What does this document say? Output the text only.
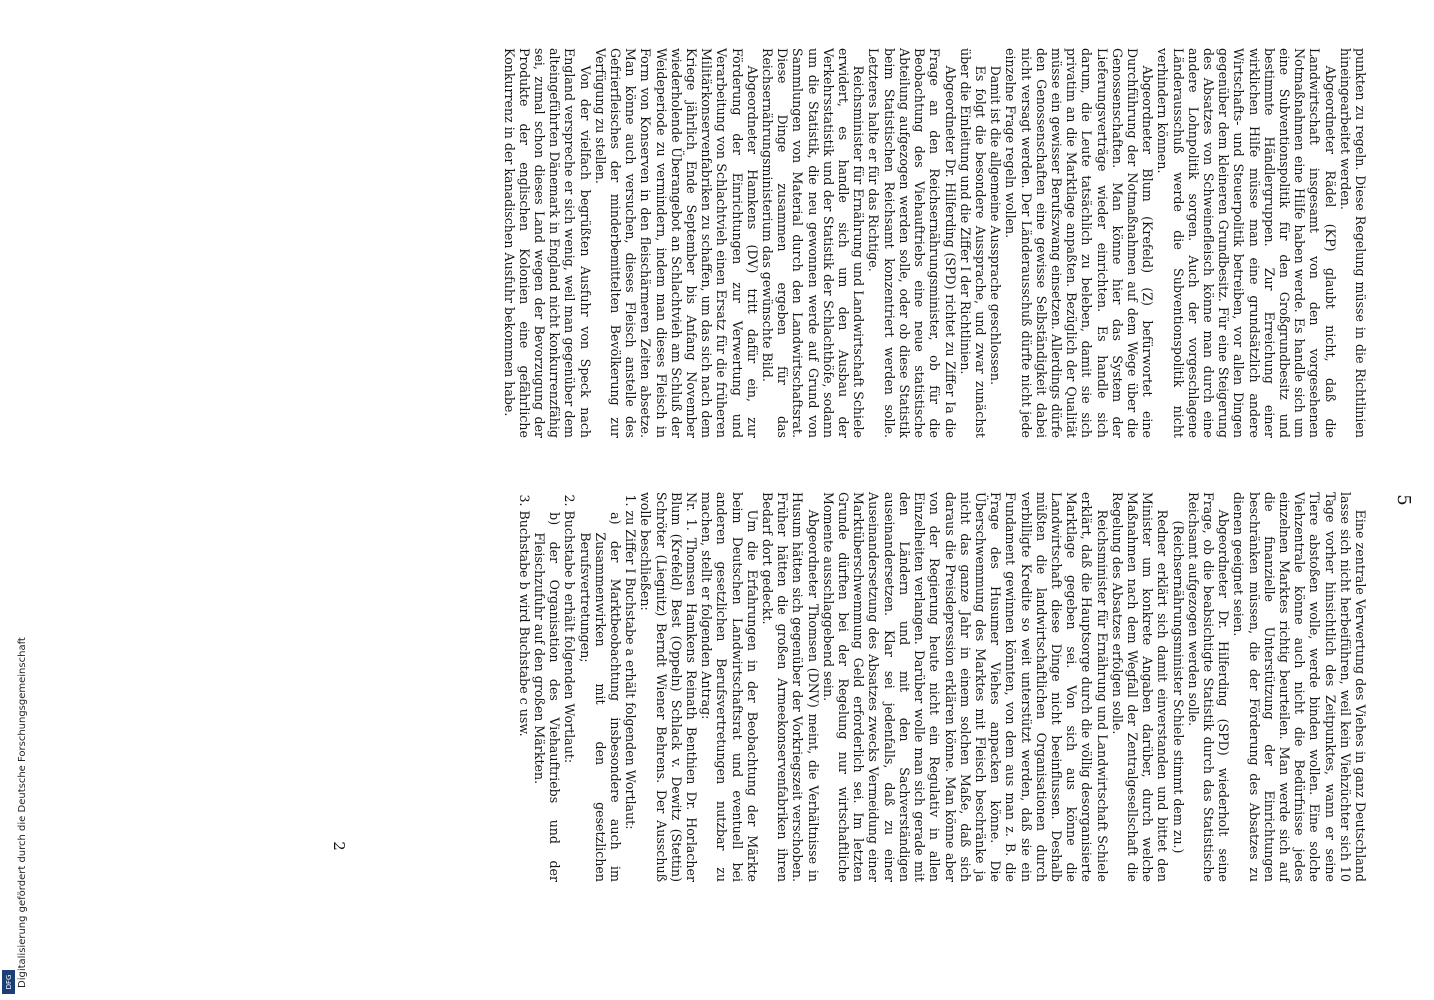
5

punkten zu regeln. Diese Regelung müsse in die Richtlinien hineingearbeitet werden.

Abgeordneter Rädel (KP) glaubt nicht, daß die Landwirtschaft insgesamt von den vorgesehenen Notmaßnahmen eine Hilfe haben werde. Es handle sich um eine Subventionspolitik für den Großgrundbesitz und bestimmte Händlergruppen. Zur Erreichung einer wirklichen Hilfe müsse man eine grundsätzlich andere Wirtschafts- und Steuerpolitik betreiben, vor allen Dingen gegenüber dem kleineren Grundbesitz. Für eine Steigerung des Absatzes von Schweinefleisch könne man durch eine andere Lohnpolitik sorgen. Auch der vorgeschlagene Länderausschuß werde die Subventionspolitik nicht verhindern können.

Abgeordneter Blum (Krefeld) (Z) befürwortet eine Durchführung der Notmaßnahmen auf dem Wege über die Genossenschaften. Man könne hier das System der Lieferungsverträge wieder einrichten. Es handle sich darum, die Leute tatsächlich zu beleben, damit sie sich privatim an die Marktlage anpaßten. Bezüglich der Qualität müsse ein gewisser Berufszwang einsetzen. Allerdings dürfe den Genossenschaften eine gewisse Selbständigkeit dabei nicht versagt werden. Der Länderausschuß dürfte nicht jede einzelne Frage regeln wollen.

Damit ist die allgemeine Aussprache geschlossen.

Es folgt die besondere Aussprache, und zwar zunächst über die Einleitung und die Ziffer I der Richtlinien.

Abgeordneter Dr. Hilferding (SPD) richtet zu Ziffer Ia die Frage an den Reichsernährungsminister, ob für die Beobachtung des Viehauftriebs eine neue statistische Abteilung aufgezogen werden solle, oder ob diese Statistik beim Statistischen Reichsamt konzentriert werden solle. Letzteres halte er für das Richtige.

Reichsminister für Ernährung und Landwirtschaft Schiele erwidert, es handle sich um den Ausbau der Verkehrsstatistik und der Statistik der Schlachthöfe, sodann um die Statistik, die neu gewonnen werde auf Grund von Sammlungen von Material durch den Landwirtschaftsrat. Diese Dinge zusammen ergeben für das Reichsernährungsministerium das gewünschte Bild.

Abgeordneter Hamkens (DV) tritt dafür ein, zur Förderung der Einrichtungen zur Verwertung und Verarbeitung von Schlachtvieh einen Ersatz für die früheren Militärkonservenfabriken zu schaffen, um das sich nach dem Kriege jährlich Ende September bis Anfang November wiederholende Überangebot an Schlachtvieh am Schluß der Weideperiode zu vermindern, indem man dieses Fleisch in Form von Konserven in den fleischärmeren Zeiten absetze. Man könne auch versuchen, dieses Fleisch anstelle des Gefrierfleisches der minderbemittelten Bevölkerung zur Verfügung zu stellen.

Von der vielfach begrüßten Ausfuhr von Speck nach England verspreche er sich wenig, weil man gegenüber dem alteingeführten Dänemark in England nicht konkurrenzfähig sei, zumal schon dieses Land wegen der Bevorzugung der Produkte der englischen Kolonien eine gefährliche Konkurrenz in der kanadischen Ausfuhr bekommen habe.

Eine zentrale Verwertung des Viehes in ganz Deutschland lasse sich nicht herbeiführen, weil kein Viehzüchter sich 10 Tage vorher hinsichtlich des Zeitpunktes, wann er seine Tiere abstoßen wolle, werde binden wollen. Eine solche Viehzentrale könne auch nicht die Bedürfnisse jedes einzelnen Marktes richtig beurteilen. Man werde sich auf die finanzielle Unterstützung der Einrichtungen beschränken müssen, die der Förderung des Absatzes zu dienen geeignet seien.

Abgeordneter Dr. Hilferding (SPD) wiederholt seine Frage, ob die beabsichtigte Statistik durch das Statistische Reichsamt aufgezogen werden solle.

(Reichsernährungsminister Schiele stimmt dem zu.)

Redner erklärt sich damit einverstanden und bittet den Minister um konkrete Angaben darüber, durch welche Maßnahmen nach dem Wegfall der Zentralgesellschaft die Regelung des Absatzes erfolgen solle.

Reichsminister für Ernährung und Landwirtschaft Schiele erklärt, daß die Hauptsorge durch die völlig desorganisierte Marktlage gegeben sei. Von sich aus könne die Landwirtschaft diese Dinge nicht beeinflussen. Deshalb müßten die landwirtschaftlichen Organisationen durch verbilligte Kredite so weit unterstützt werden, daß sie ein Fundament gewinnen könnten, von dem aus man z. B. die Frage des Husumer Viehes anpacken könne. Die Überschwemmung des Marktes mit Fleisch beschränke ja nicht das ganze Jahr in einem solchen Maße, daß sich daraus die Preisdepression erklären könne. Man könne aber von der Regierung heute nicht ein Regulativ in allen Einzelheiten verlangen. Darüber wolle man sich gerade mit den Ländern und mit den Sachverständigen auseinandersetzen. Klar sei jedenfalls, daß zu einer Auseinandersetzung des Absatzes zwecks Vermeidung einer Marktüberschwemmung Geld erforderlich sei. Im letzten Grunde dürften bei der Regelung nur wirtschaftliche Momente ausschlaggebend sein.

Abgeordneter Thomsen (DNV) meint, die Verhältnisse in Husum hätten sich gegenüber der Vorkriegszeit verschoben. Früher hätten die großen Armeekonservenfabriken ihren Bedarf dort gedeckt.

Um die Erfahrungen in der Beobachtung der Märkte beim Deutschen Landwirtschaftsrat und eventuell bei anderen gesetzlichen Berufsvertretungen nutzbar zu machen, stellt er folgenden Antrag:

Nr. 1. Thomsen Hamkens Reinath Benthien Dr. Horlacher Blum (Krefeld) Best (Oppeln) Schlack v. Dewitz (Stettin) Schröter (Liegnitz) Berndt Wiener Behrens. Der Ausschuß wolle beschließen:

1. zu Ziffer I Buchstabe a erhält folgenden Wortlaut:
a) der Marktbeobachtung insbesondere auch im Zusammenwirken mit den gesetzlichen Berufsvertretungen;
2. Buchstabe b erhält folgenden Wortlaut:
b) der Organisation des Viehauftriebs und der Fleischzufuhr auf den großen Märkten.
3. Buchstabe b wird Buchstabe c usw.
2
Digitalisierung gefördert durch die Deutsche Forschungsgemeinschaft
DFG
